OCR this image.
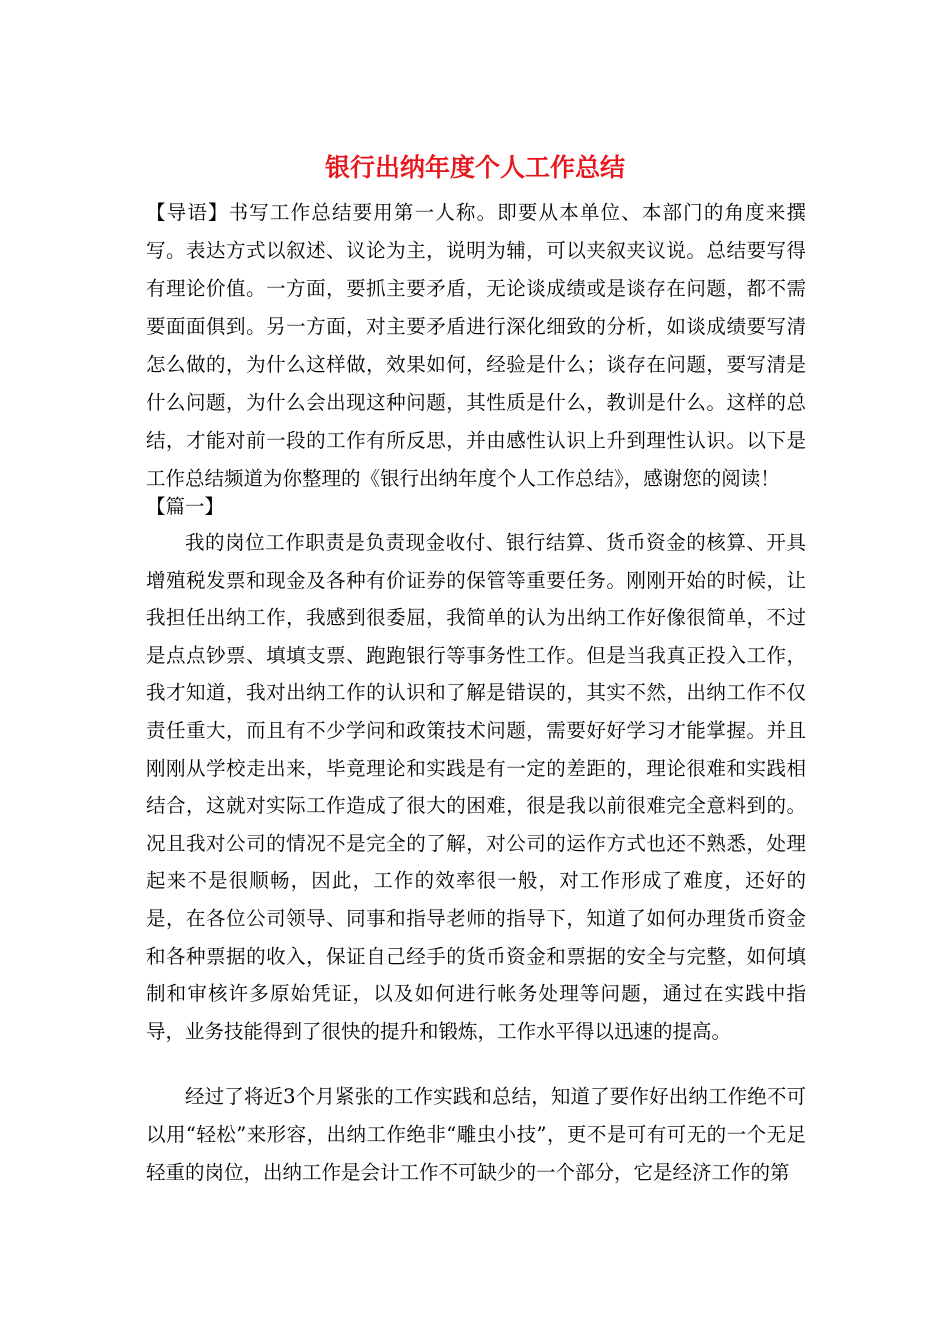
银行出纳年度个人工作总结

【导语】书写工作总结要用第一人称。即要从本单位、本部门的角度来撰写。表达方式以叙述、议论为主，说明为辅，可以夹叙夹议说。总结要写得有理论价值。一方面，要抓主要矛盾，无论谈成绩或是谈存在问题，都不需要面面俱到。另一方面，对主要矛盾进行深化细致的分析，如谈成绩要写清怎么做的，为什么这样做，效果如何，经验是什么；谈存在问题，要写清是什么问题，为什么会出现这种问题，其性质是什么，教训是什么。这样的总结，才能对前一段的工作有所反思，并由感性认识上升到理性认识。以下是工作总结频道为你整理的《银行出纳年度个人工作总结》，感谢您的阅读！

【篇一】

我的岗位工作职责是负责现金收付、银行结算、货币资金的核算、开具增殖税发票和现金及各种有价证券的保管等重要任务。刚刚开始的时候，让我担任出纳工作，我感到很委屈，我简单的认为出纳工作好像很简单，不过是点点钞票、填填支票、跑跑银行等事务性工作。但是当我真正投入工作，我才知道，我对出纳工作的认识和了解是错误的，其实不然，出纳工作不仅责任重大，而且有不少学问和政策技术问题，需要好好学习才能掌握。并且刚刚从学校走出来，毕竟理论和实践是有一定的差距的，理论很难和实践相结合，这就对实际工作造成了很大的困难，很是我以前很难完全意料到的。况且我对公司的情况不是完全的了解，对公司的运作方式也还不熟悉，处理起来不是很顺畅，因此，工作的效率很一般，对工作形成了难度，还好的是，在各位公司领导、同事和指导老师的指导下，知道了如何办理货币资金和各种票据的收入，保证自己经手的货币资金和票据的安全与完整，如何填制和审核许多原始凭证，以及如何进行帐务处理等问题，通过在实践中指导，业务技能得到了很快的提升和锻炼，工作水平得以迅速的提高。

经过了将近3个月紧张的工作实践和总结，知道了要作好出纳工作绝不可以用“轻松”来形容，出纳工作绝非“雕虫小技”，更不是可有可无的一个无足轻重的岗位，出纳工作是会计工作不可缺少的一个部分，它是经济工作的第
